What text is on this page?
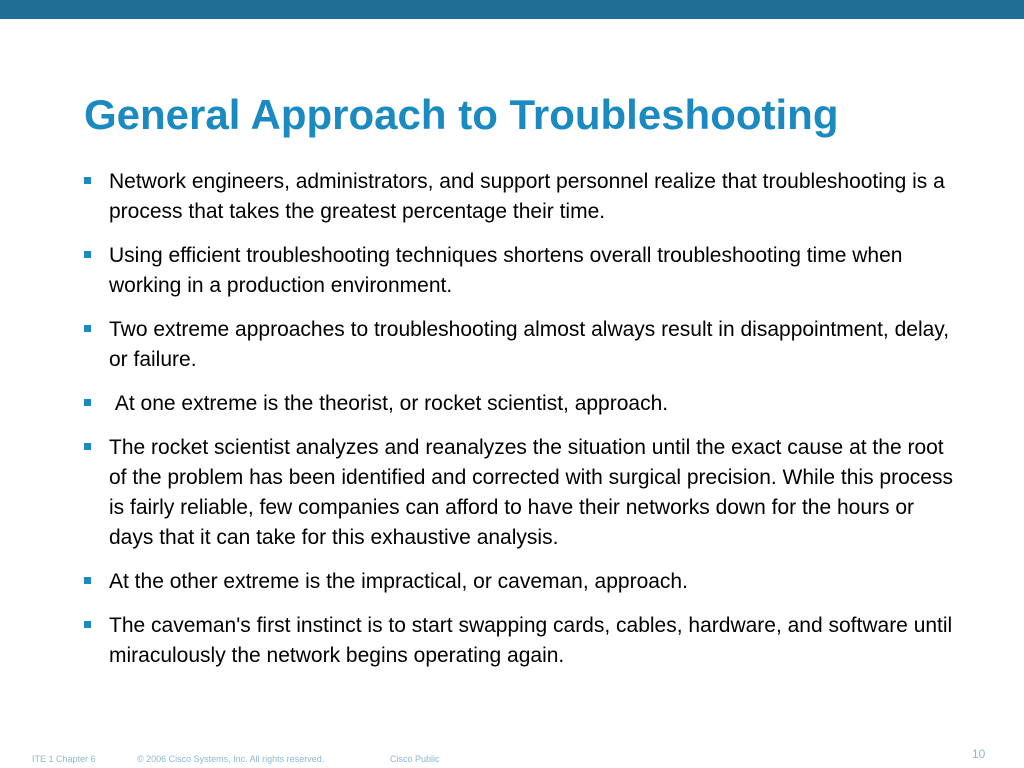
General Approach to Troubleshooting
Network engineers, administrators, and support personnel realize that troubleshooting is a process that takes the greatest percentage their time.
Using efficient troubleshooting techniques shortens overall troubleshooting time when working in a production environment.
Two extreme approaches to troubleshooting almost always result in disappointment, delay, or failure.
At one extreme is the theorist, or rocket scientist, approach.
The rocket scientist analyzes and reanalyzes the situation until the exact cause at the root of the problem has been identified and corrected with surgical precision. While this process is fairly reliable, few companies can afford to have their networks down for the hours or days that it can take for this exhaustive analysis.
At the other extreme is the impractical, or caveman, approach.
The caveman's first instinct is to start swapping cards, cables, hardware, and software until miraculously the network begins operating again.
ITE 1 Chapter 6	© 2006 Cisco Systems, Inc. All rights reserved.	Cisco Public	10
